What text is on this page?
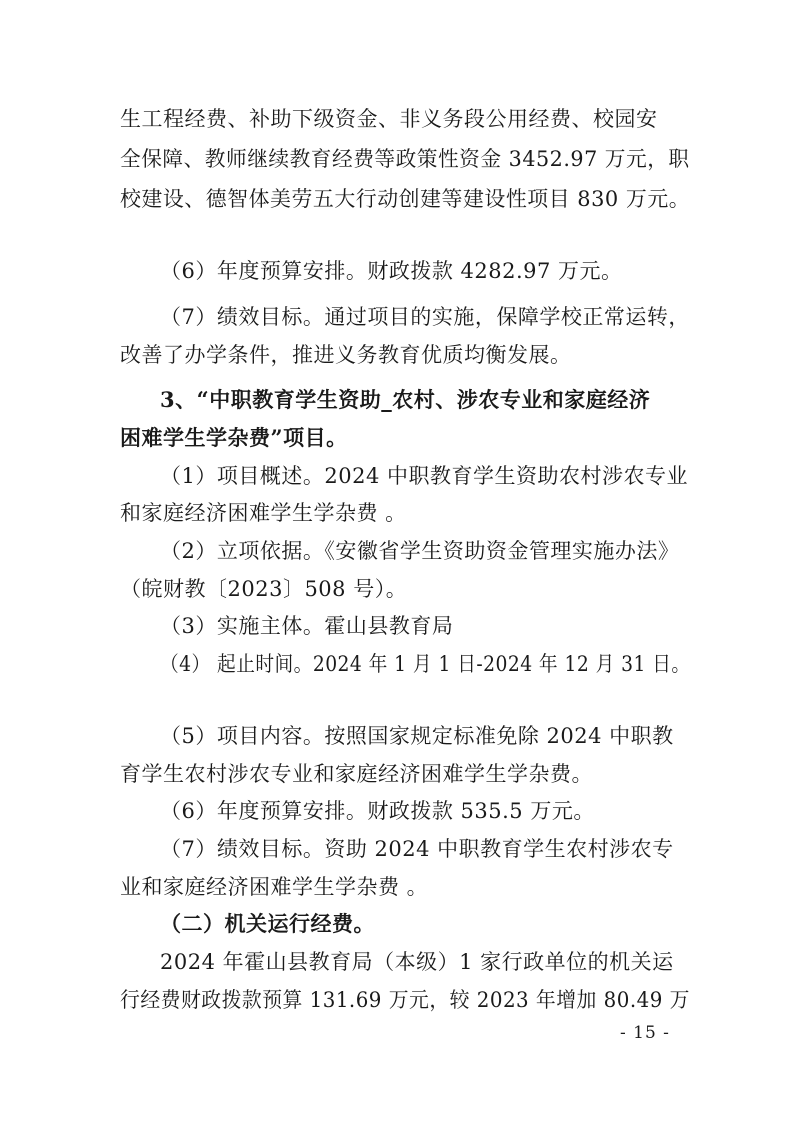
生工程经费、补助下级资金、非义务段公用经费、校园安
全保障、教师继续教育经费等政策性资金 3452.97 万元，职
校建设、德智体美劳五大行动创建等建设性项目 830 万元。
（6）年度预算安排。财政拨款 4282.97 万元。
（7）绩效目标。通过项目的实施，保障学校正常运转，
改善了办学条件，推进义务教育优质均衡发展。
3、“中职教育学生资助_农村、涉农专业和家庭经济
困难学生学杂费”项目。
（1）项目概述。2024 中职教育学生资助农村涉农专业
和家庭经济困难学生学杂费 。
（2）立项依据。《安徽省学生资助资金管理实施办法》
（皖财教〔2023〕508 号）。
（3）实施主体。霍山县教育局
（4） 起止时间。2024 年 1 月 1 日-2024 年 12 月 31 日。
（5）项目内容。按照国家规定标准免除 2024 中职教
育学生农村涉农专业和家庭经济困难学生学杂费。
（6）年度预算安排。财政拨款 535.5 万元。
（7）绩效目标。资助 2024 中职教育学生农村涉农专
业和家庭经济困难学生学杂费 。
（二）机关运行经费。
2024 年霍山县教育局（本级）1 家行政单位的机关运
行经费财政拨款预算 131.69 万元，较 2023 年增加 80.49 万
- 15 -
